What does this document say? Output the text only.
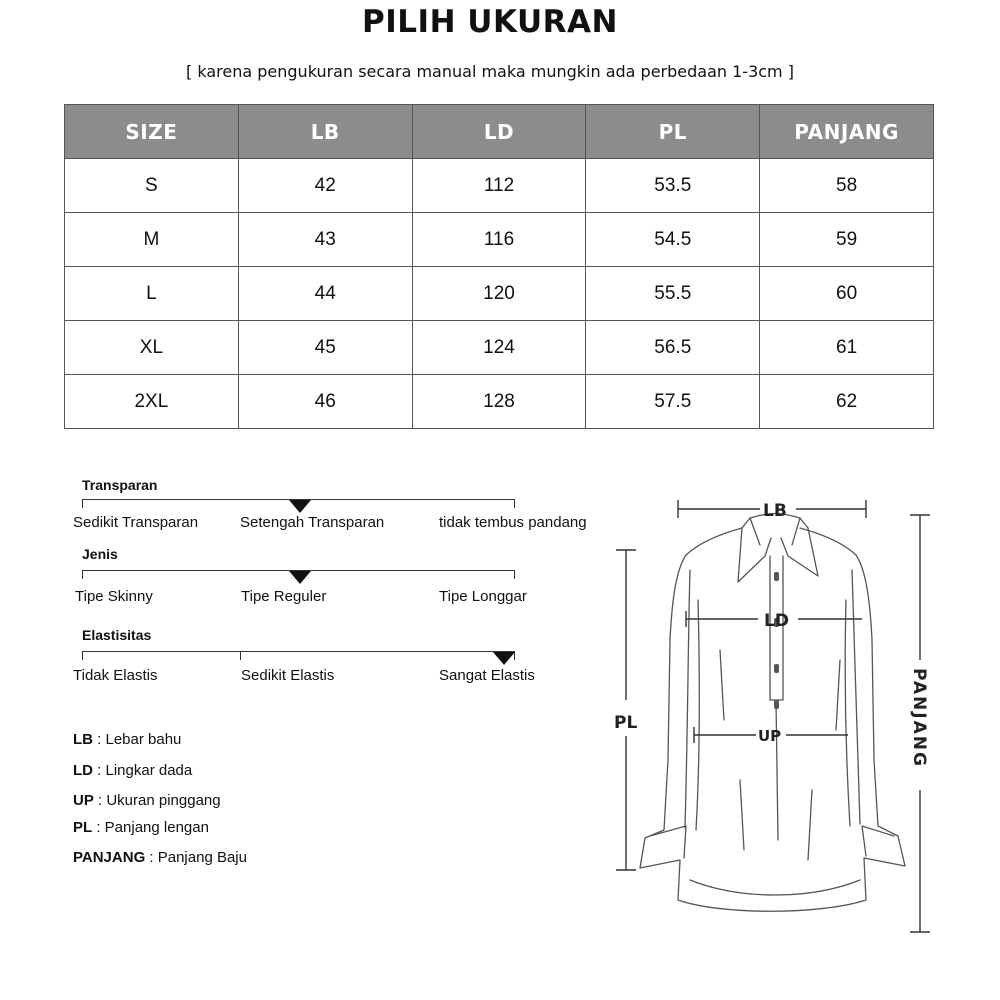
PILIH UKURAN
[ karena pengukuran secara manual maka mungkin ada perbedaan 1-3cm ]
SIZE	LB	LD	PL	PANJANG
S	42	112	53.5	58
M	43	116	54.5	59
L	44	120	55.5	60
XL	45	124	56.5	61
2XL	46	128	57.5	62
Transparan
Sedikit Transparan	Setengah Transparan	tidak tembus pandang
Jenis
Tipe Skinny	Tipe Reguler	Tipe Longgar
Elastisitas
Tidak Elastis	Sedikit Elastis	Sangat Elastis
LB : Lebar bahu
LD : Lingkar dada
UP : Ukuran pinggang
PL : Panjang lengan
PANJANG : Panjang Baju
LB
LD
UP
PL	PANJANG
